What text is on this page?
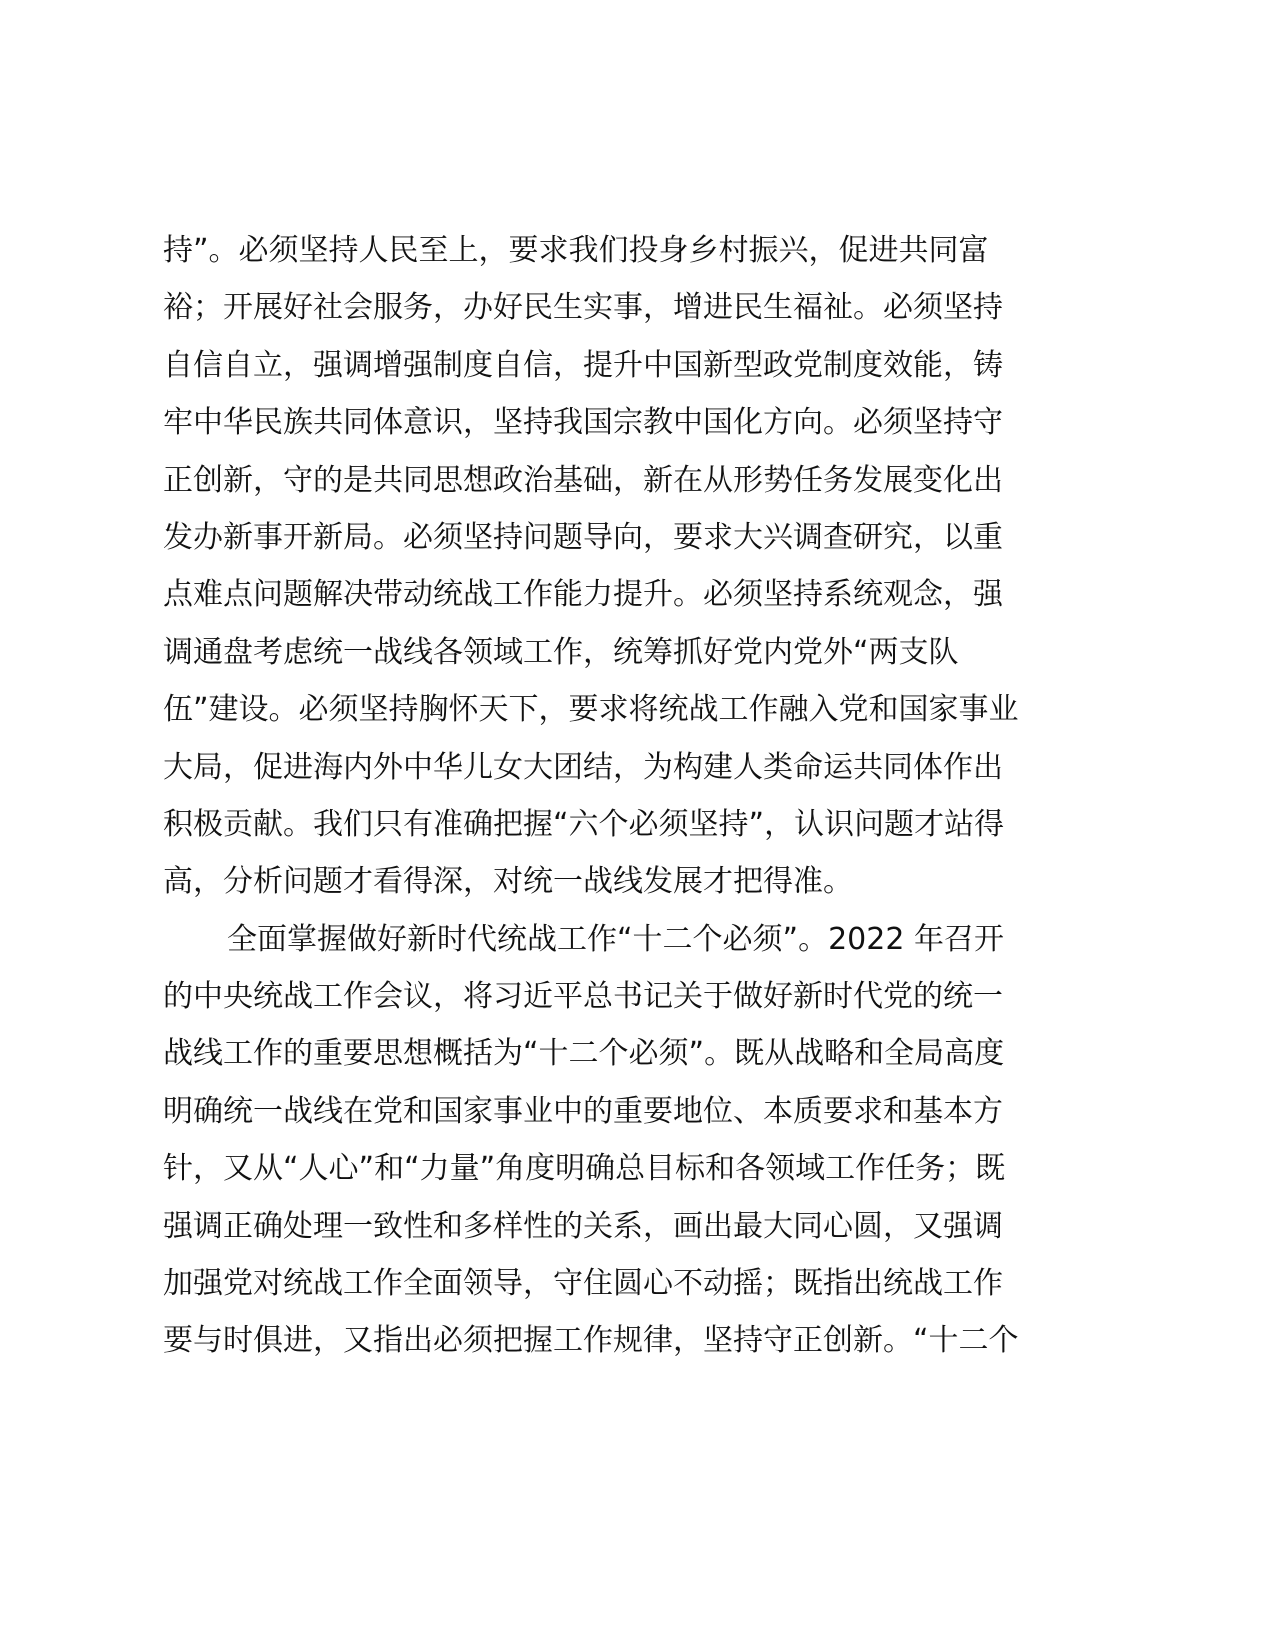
持”。必须坚持人民至上，要求我们投身乡村振兴，促进共同富
裕；开展好社会服务，办好民生实事，增进民生福祉。必须坚持
自信自立，强调增强制度自信，提升中国新型政党制度效能，铸
牢中华民族共同体意识，坚持我国宗教中国化方向。必须坚持守
正创新，守的是共同思想政治基础，新在从形势任务发展变化出
发办新事开新局。必须坚持问题导向，要求大兴调查研究，以重
点难点问题解决带动统战工作能力提升。必须坚持系统观念，强
调通盘考虑统一战线各领域工作，统筹抓好党内党外“两支队
伍”建设。必须坚持胸怀天下，要求将统战工作融入党和国家事业
大局，促进海内外中华儿女大团结，为构建人类命运共同体作出
积极贡献。我们只有准确把握“六个必须坚持”，认识问题才站得
高，分析问题才看得深，对统一战线发展才把得准。
全面掌握做好新时代统战工作“十二个必须”。2022 年召开
的中央统战工作会议，将习近平总书记关于做好新时代党的统一
战线工作的重要思想概括为“十二个必须”。既从战略和全局高度
明确统一战线在党和国家事业中的重要地位、本质要求和基本方
针，又从“人心”和“力量”角度明确总目标和各领域工作任务；既
强调正确处理一致性和多样性的关系，画出最大同心圆，又强调
加强党对统战工作全面领导，守住圆心不动摇；既指出统战工作
要与时俱进，又指出必须把握工作规律，坚持守正创新。“十二个
